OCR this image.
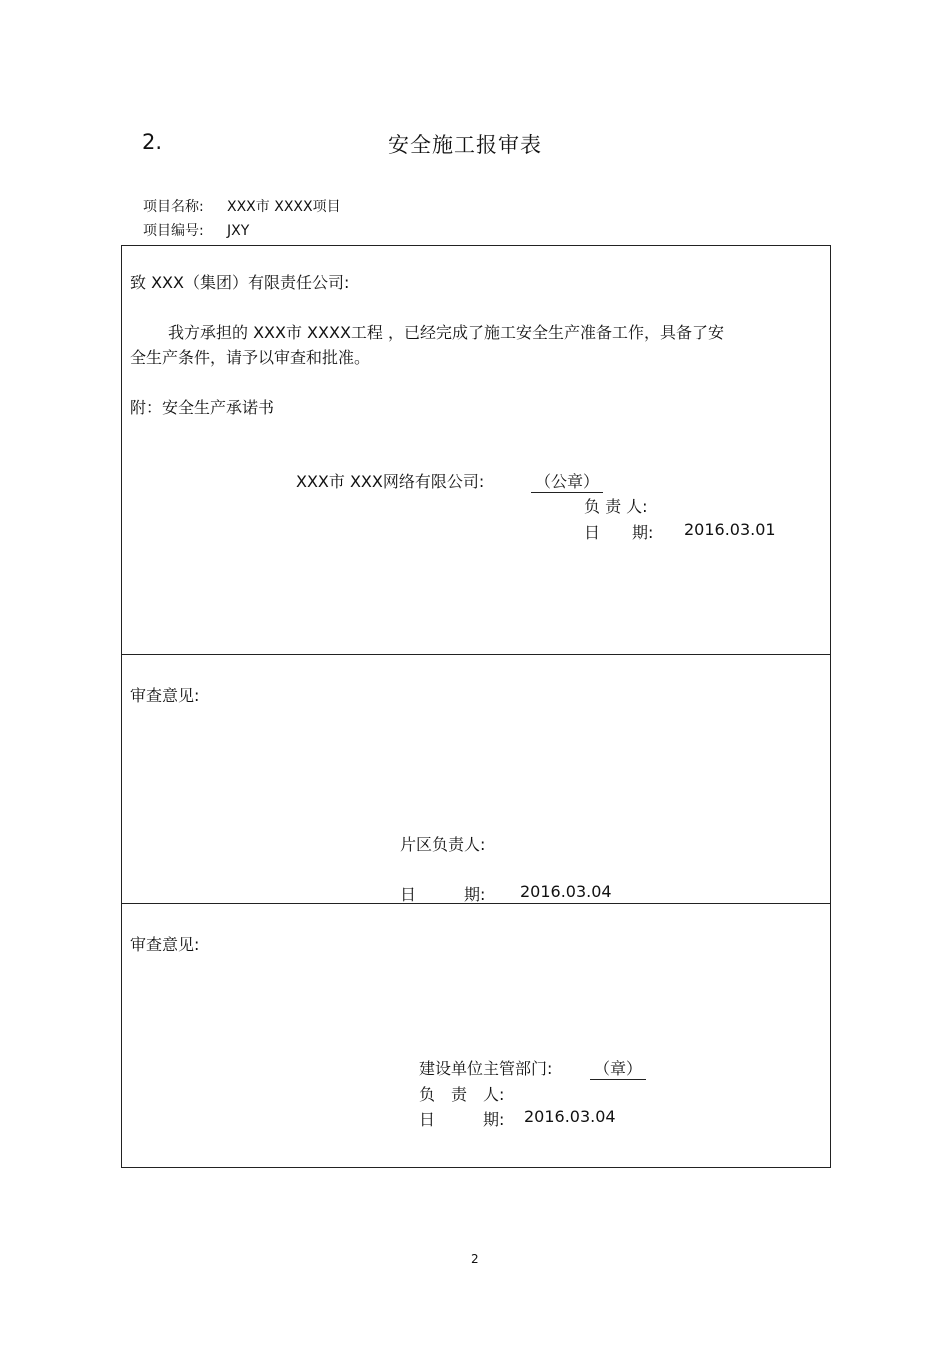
2.	安全施工报审表
项目名称: XXX市 XXXX项目
项目编号: JXY
致 XXX（集团）有限责任公司:
我方承担的 XXX市 XXXX工程 ，已经完成了施工安全生产准备工作，具备了安
全生产条件，请予以审查和批准。
附：安全生产承诺书
XXX市 XXX网络有限公司:	（公章）
负 责 人:
日　　期: 2016.03.01
审查意见:
片区负责人:
日　　　期: 2016.03.04
审查意见:
建设单位主管部门:	（章）
负　责　人:
日　　　期: 2016.03.04
2
